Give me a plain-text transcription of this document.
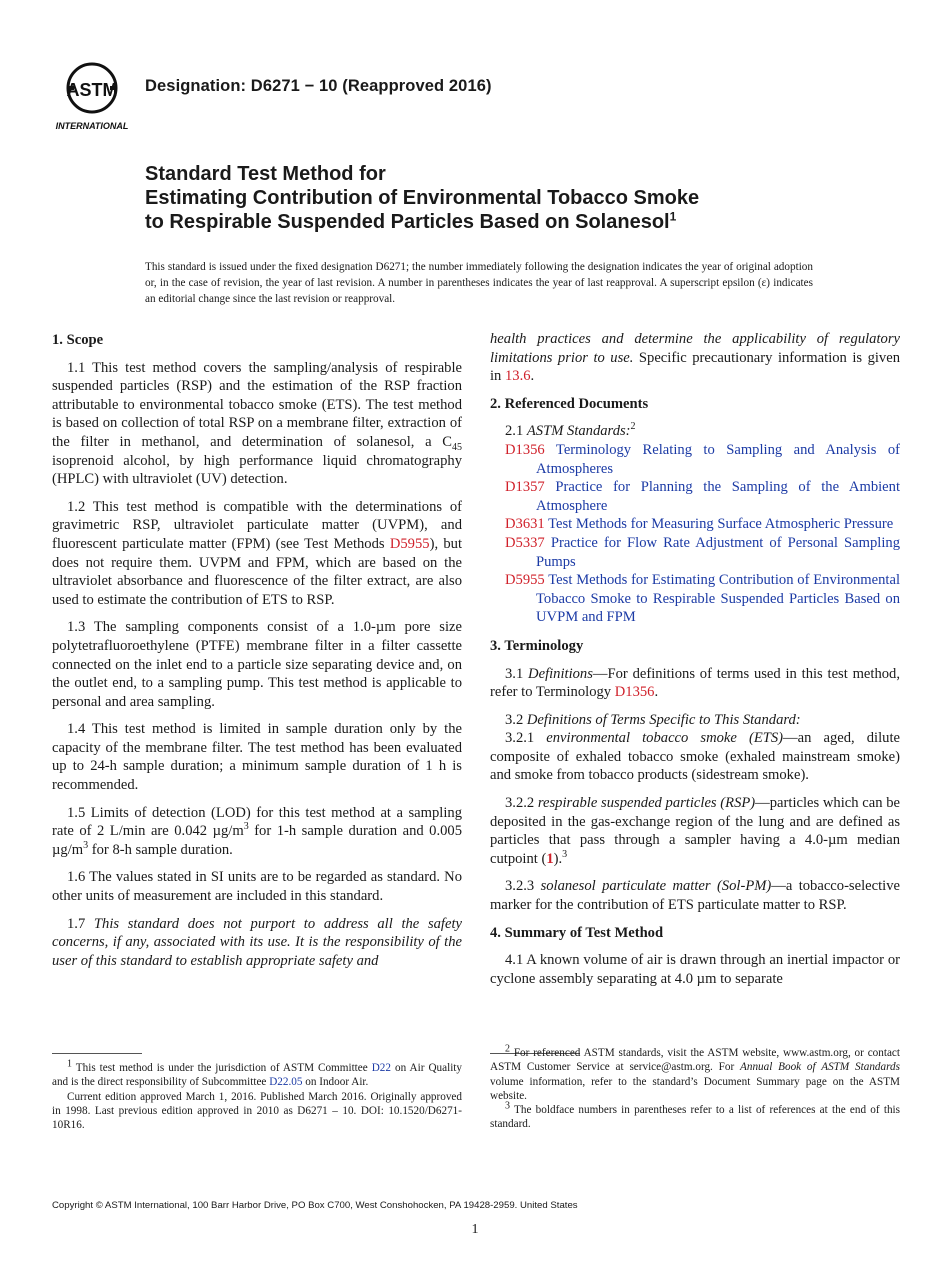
ASTM
INTERNATIONAL
Designation: D6271 − 10 (Reapproved 2016)
Standard Test Method for
Estimating Contribution of Environmental Tobacco Smoke
to Respirable Suspended Particles Based on Solanesol$^1$
This standard is issued under the fixed designation D6271; the number immediately following the designation indicates the year of original adoption or, in the case of revision, the year of last revision. A number in parentheses indicates the year of last reapproval. A superscript epsilon (ε) indicates an editorial change since the last revision or reapproval.
1. Scope

1.1 This test method covers the sampling/analysis of respirable suspended particles (RSP) and the estimation of the RSP fraction attributable to environmental tobacco smoke (ETS). The test method is based on collection of total RSP on a membrane filter, extraction of the filter in methanol, and determination of solanesol, a $C_{45}$ isoprenoid alcohol, by high performance liquid chromatography (HPLC) with ultraviolet (UV) detection.

1.2 This test method is compatible with the determinations of gravimetric RSP, ultraviolet particulate matter (UVPM), and fluorescent particulate matter (FPM) (see Test Methods D5955), but does not require them. UVPM and FPM, which are based on the ultraviolet absorbance and fluorescence of the filter extract, are also used to estimate the contribution of ETS to RSP.

1.3 The sampling components consist of a 1.0-µm pore size polytetrafluoroethylene (PTFE) membrane filter in a filter cassette connected on the inlet end to a particle size separating device and, on the outlet end, to a sampling pump. This test method is applicable to personal and area sampling.

1.4 This test method is limited in sample duration only by the capacity of the membrane filter. The test method has been evaluated up to 24-h sample duration; a minimum sample duration of 1 h is recommended.

1.5 Limits of detection (LOD) for this test method at a sampling rate of 2 L/min are 0.042 $\mu g/m^3$ for 1-h sample duration and 0.005 $\mu g/m^3$ for 8-h sample duration.

1.6 The values stated in SI units are to be regarded as standard. No other units of measurement are included in this standard.

1.7 This standard does not purport to address all the safety concerns, if any, associated with its use. It is the responsibility of the user of this standard to establish appropriate safety and

health practices and determine the applicability of regulatory limitations prior to use. Specific precautionary information is given in 13.6.

2. Referenced Documents

2.1 ASTM Standards:$^2$

D1356 Terminology Relating to Sampling and Analysis of Atmospheres
D1357 Practice for Planning the Sampling of the Ambient Atmosphere
D3631 Test Methods for Measuring Surface Atmospheric Pressure
D5337 Practice for Flow Rate Adjustment of Personal Sampling Pumps
D5955 Test Methods for Estimating Contribution of Environmental Tobacco Smoke to Respirable Suspended Particles Based on UVPM and FPM
3. Terminology

3.1 Definitions—For definitions of terms used in this test method, refer to Terminology D1356.

3.2 Definitions of Terms Specific to This Standard:

3.2.1 environmental tobacco smoke (ETS)—an aged, dilute composite of exhaled tobacco smoke (exhaled mainstream smoke) and smoke from tobacco products (sidestream smoke).

3.2.2 respirable suspended particles (RSP)—particles which can be deposited in the gas-exchange region of the lung and are defined as particles that pass through a sampler having a 4.0-µm median cutpoint (1).$^3$

3.2.3 solanesol particulate matter (Sol-PM)—a tobacco-selective marker for the contribution of ETS particulate matter to RSP.

4. Summary of Test Method

4.1 A known volume of air is drawn through an inertial impactor or cyclone assembly separating at 4.0 µm to separate

$^1$ This test method is under the jurisdiction of ASTM Committee D22 on Air Quality and is the direct responsibility of Subcommittee D22.05 on Indoor Air.

Current edition approved March 1, 2016. Published March 2016. Originally approved in 1998. Last previous edition approved in 2010 as D6271 – 10. DOI: 10.1520/D6271-10R16.

$^2$ For referenced ASTM standards, visit the ASTM website, www.astm.org, or contact ASTM Customer Service at service@astm.org. For Annual Book of ASTM Standards volume information, refer to the standard’s Document Summary page on the ASTM website.

$^3$ The boldface numbers in parentheses refer to a list of references at the end of this standard.

Copyright © ASTM International, 100 Barr Harbor Drive, PO Box C700, West Conshohocken, PA 19428-2959. United States
1
